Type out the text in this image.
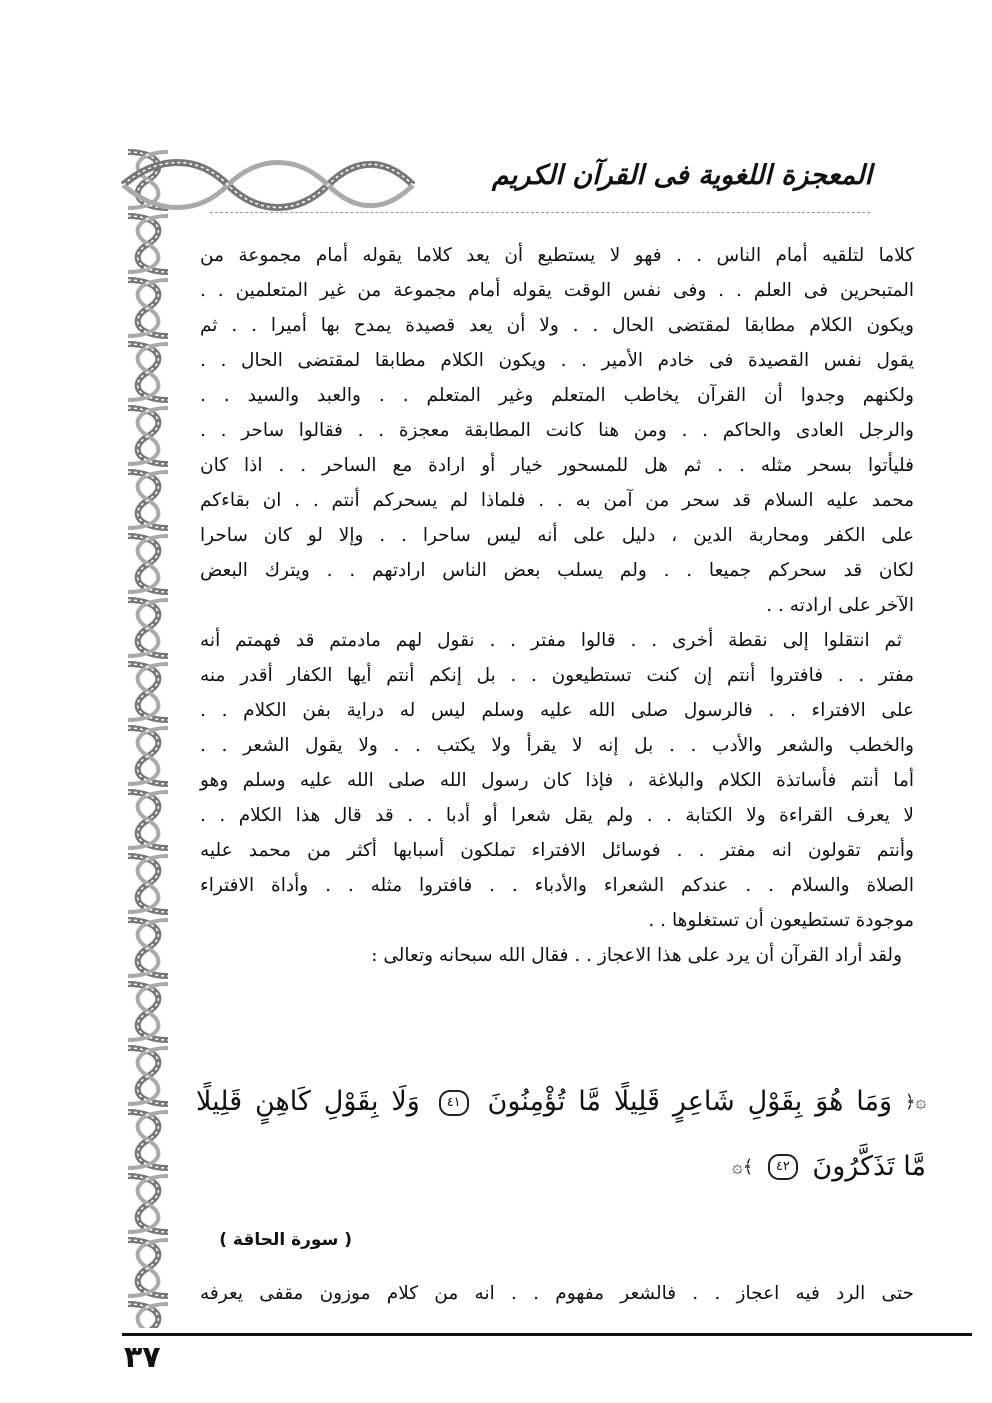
المعجزة اللغوية فى القرآن الكريم

كلاما لتلقيه أمام الناس . . فهو لا يستطيع أن يعد كلاما يقوله أمام مجموعة من
المتبحرين فى العلم . . وفى نفس الوقت يقوله أمام مجموعة من غير المتعلمين . .
ويكون الكلام مطابقا لمقتضى الحال . . ولا أن يعد قصيدة يمدح بها أميرا . . ثم
يقول نفس القصيدة فى خادم الأمير . . ويكون الكلام مطابقا لمقتضى الحال . .
ولكنهم وجدوا أن القرآن يخاطب المتعلم وغير المتعلم . . والعبد والسيد . .
والرجل العادى والحاكم . . ومن هنا كانت المطابقة معجزة . . فقالوا ساحر . .
فليأتوا بسحر مثله . . ثم هل للمسحور خيار أو ارادة مع الساحر . . اذا كان
محمد عليه السلام قد سحر من آمن به . . فلماذا لم يسحركم أنتم . . ان بقاءكم
على الكفر ومحاربة الدين ، دليل على أنه ليس ساحرا . . وإلا لو كان ساحرا
لكان قد سحركم جميعا . . ولم يسلب بعض الناس ارادتهم . . ويترك البعض
الآخر على ارادته . .

ثم انتقلوا إلى نقطة أخرى . . قالوا مفتر . . نقول لهم مادمتم قد فهمتم أنه
مفتر . . فافتروا أنتم إن كنت تستطيعون . . بل إنكم أنتم أيها الكفار أقدر منه
على الافتراء . . فالرسول صلى الله عليه وسلم ليس له دراية بفن الكلام . .
والخطب والشعر والأدب . . بل إنه لا يقرأ ولا يكتب . . ولا يقول الشعر . .
أما أنتم فأساتذة الكلام والبلاغة ، فإذا كان رسول الله صلى الله عليه وسلم وهو
لا يعرف القراءة ولا الكتابة . . ولم يقل شعرا أو أدبا . . قد قال هذا الكلام . .
وأنتم تقولون انه مفتر . . فوسائل الافتراء تملكون أسبابها أكثر من محمد عليه
الصلاة والسلام . . عندكم الشعراء والأدباء . . فافتروا مثله . . وأداة الافتراء
موجودة تستطيعون أن تستغلوها . .

ولقد أراد القرآن أن يرد على هذا الاعجاز . . فقال الله سبحانه وتعالى :

۞﴿ وَمَا هُوَ بِقَوْلِ شَاعِرٍ قَلِيلًا مَّا تُؤْمِنُونَ ٤١ وَلَا بِقَوْلِ كَاهِنٍ قَلِيلًا
مَّا تَذَكَّرُونَ ٤٢ ﴾۞
( سورة الحاقة )
حتى الرد فيه اعجاز . . فالشعر مفهوم . . انه من كلام موزون مقفى يعرفه
٣٧
